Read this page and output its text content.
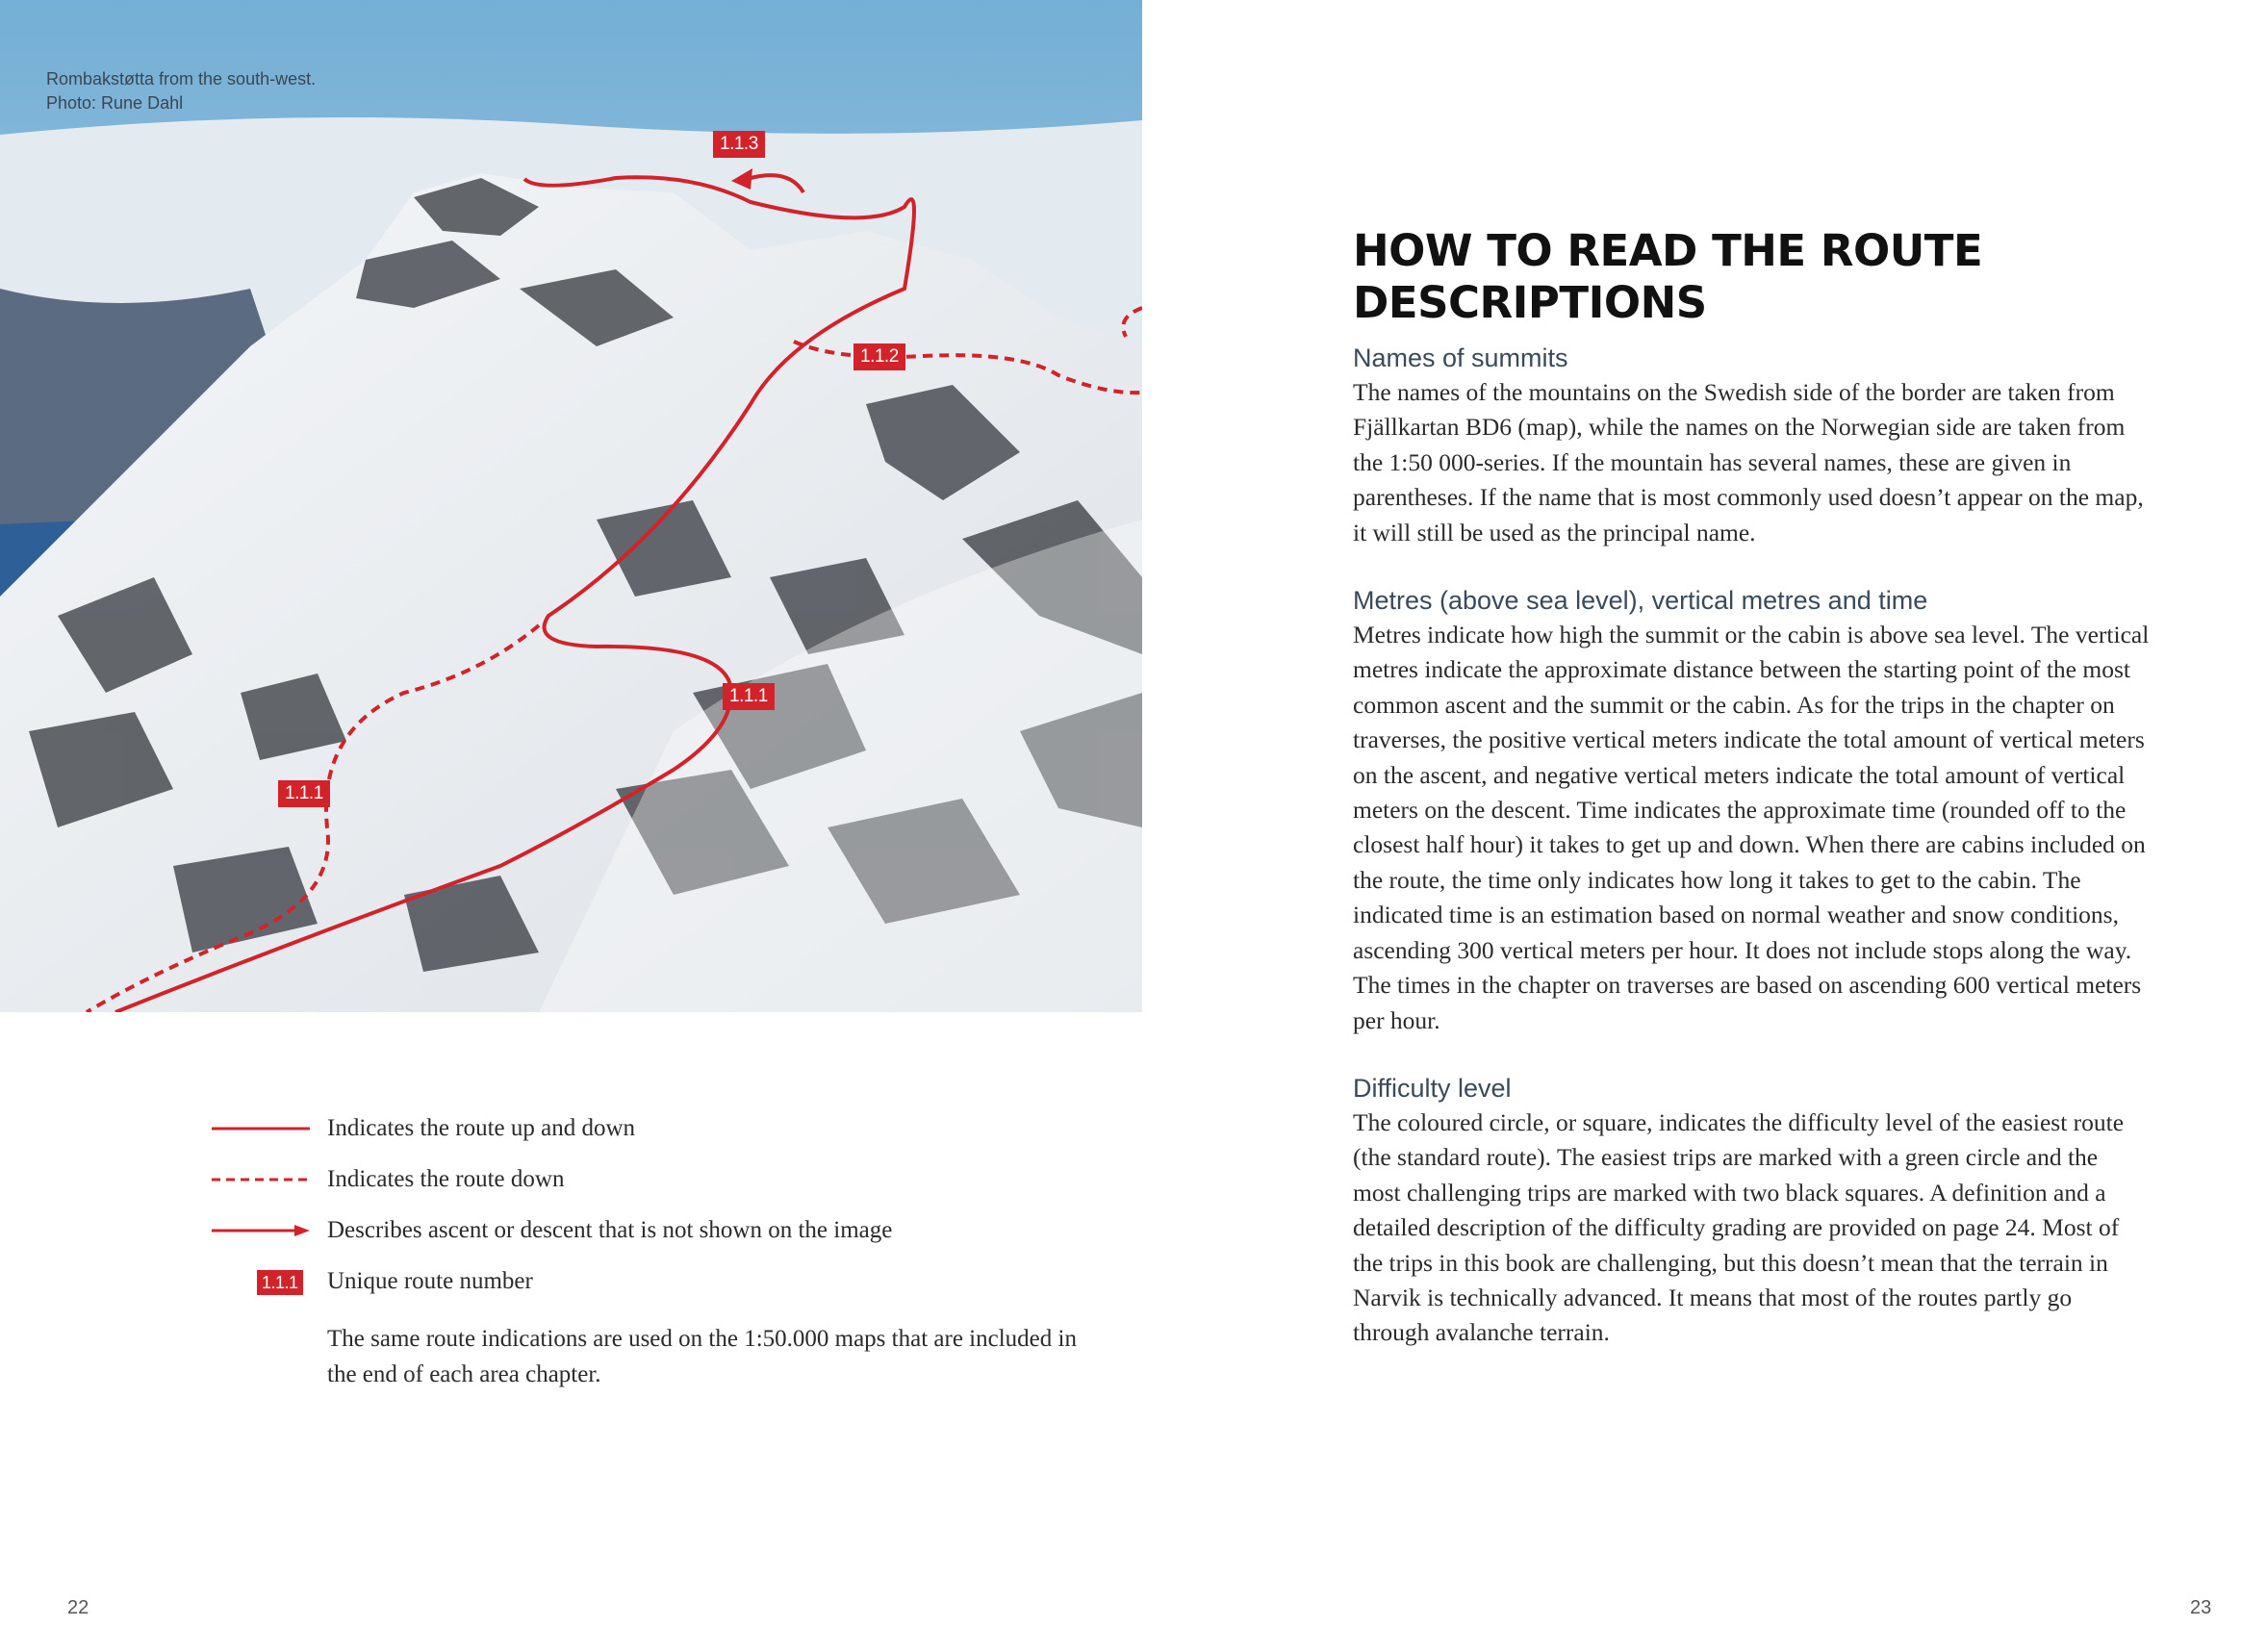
Rombakstøtta from the south-west. Photo: Rune Dahl
1.1.3
1.1.2
1.1.1
1.1.1
Indicates the route up and down
Indicates the route down
Describes ascent or descent that is not shown on the image
1.1.1 Unique route number
The same route indications are used on the 1:50.000 maps that are included in the end of each area chapter.
22	23
HOW TO READ THE ROUTE DESCRIPTIONS
Names of summits

The names of the mountains on the Swedish side of the border are taken from Fjällkartan BD6 (map), while the names on the Norwegian side are taken from the 1:50 000-series. If the mountain has several names, these are given in parentheses. If the name that is most commonly used doesn’t appear on the map, it will still be used as the principal name.

Metres (above sea level), vertical metres and time

Metres indicate how high the summit or the cabin is above sea level. The vertical metres indicate the approximate distance between the starting point of the most common ascent and the summit or the cabin. As for the trips in the chapter on traverses, the positive vertical meters indicate the total amount of vertical meters on the ascent, and negative vertical meters indicate the total amount of vertical meters on the descent. Time indicates the approximate time (rounded off to the closest half hour) it takes to get up and down. When there are cabins included on the route, the time only indicates how long it takes to get to the cabin. The indicated time is an estimation based on normal weather and snow conditions, ascending 300 vertical meters per hour. It does not include stops along the way. The times in the chapter on traverses are based on ascending 600 vertical meters per hour.

Difficulty level

The coloured circle, or square, indicates the difficulty level of the easiest route (the standard route). The easiest trips are marked with a green circle and the most challenging trips are marked with two black squares. A definition and a detailed description of the difficulty grading are provided on page 24. Most of the trips in this book are challenging, but this doesn’t mean that the terrain in Narvik is technically advanced. It means that most of the routes partly go through avalanche terrain.
